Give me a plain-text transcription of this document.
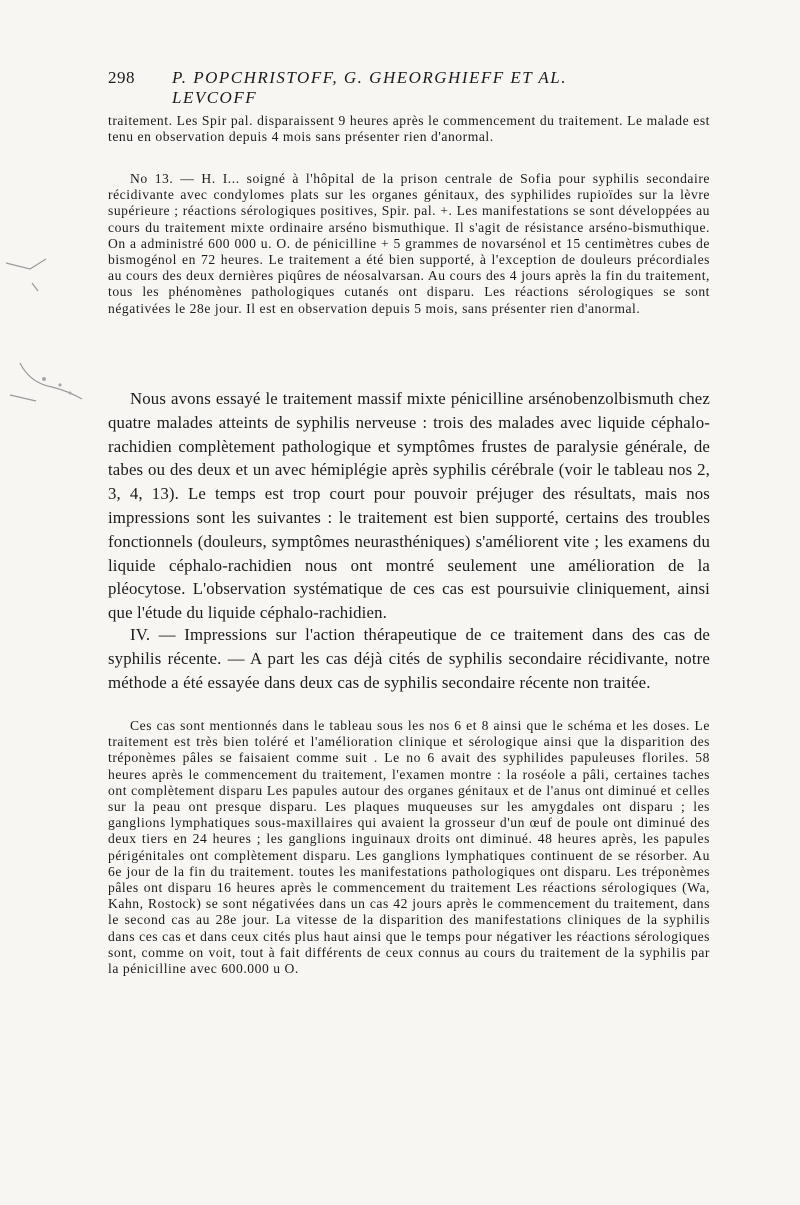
298 P. POPCHRISTOFF, G. GHEORGHIEFF ET AL. LEVCOFF

traitement. Les Spir pal. disparaissent 9 heures après le commencement du traitement. Le malade est tenu en observation depuis 4 mois sans présenter rien d'anormal.

No 13. — H. I... soigné à l'hôpital de la prison centrale de Sofia pour syphilis secondaire récidivante avec condylomes plats sur les organes génitaux, des syphilides rupioïdes sur la lèvre supérieure ; réactions sérologiques positives, Spir. pal. +. Les manifestations se sont développées au cours du traitement mixte ordinaire arséno bismuthique. Il s'agit de résistance arséno-bismuthique. On a administré 600 000 u. O. de pénicilline + 5 grammes de novarsénol et 15 centimètres cubes de bismogénol en 72 heures. Le traitement a été bien supporté, à l'exception de douleurs précordiales au cours des deux dernières piqûres de néosalvarsan. Au cours des 4 jours après la fin du traitement, tous les phénomènes pathologiques cutanés ont disparu. Les réactions sérologiques se sont négativées le 28e jour. Il est en observation depuis 5 mois, sans présenter rien d'anormal.

Nous avons essayé le traitement massif mixte pénicilline arsénobenzolbismuth chez quatre malades atteints de syphilis nerveuse : trois des malades avec liquide céphalo-rachidien complètement pathologique et symptômes frustes de paralysie générale, de tabes ou des deux et un avec hémiplégie après syphilis cérébrale (voir le tableau nos 2, 3, 4, 13). Le temps est trop court pour pouvoir préjuger des résultats, mais nos impressions sont les suivantes : le traitement est bien supporté, certains des troubles fonctionnels (douleurs, symptômes neurasthéniques) s'améliorent vite ; les examens du liquide céphalo-rachidien nous ont montré seulement une amélioration de la pléocytose. L'observation systématique de ces cas est poursuivie cliniquement, ainsi que l'étude du liquide céphalo-rachidien.

IV. — Impressions sur l'action thérapeutique de ce traitement dans des cas de syphilis récente. — A part les cas déjà cités de syphilis secondaire récidivante, notre méthode a été essayée dans deux cas de syphilis secondaire récente non traitée.

Ces cas sont mentionnés dans le tableau sous les nos 6 et 8 ainsi que le schéma et les doses. Le traitement est très bien toléré et l'amélioration clinique et sérologique ainsi que la disparition des tréponèmes pâles se faisaient comme suit . Le no 6 avait des syphilides papuleuses floriles. 58 heures après le commencement du traitement, l'examen montre : la roséole a pâli, certaines taches ont complètement disparu Les papules autour des organes génitaux et de l'anus ont diminué et celles sur la peau ont presque disparu. Les plaques muqueuses sur les amygdales ont disparu ; les ganglions lymphatiques sous-maxillaires qui avaient la grosseur d'un œuf de poule ont diminué des deux tiers en 24 heures ; les ganglions inguinaux droits ont diminué. 48 heures après, les papules périgénitales ont complètement disparu. Les ganglions lymphatiques continuent de se résorber. Au 6e jour de la fin du traitement. toutes les manifestations pathologiques ont disparu. Les tréponèmes pâles ont disparu 16 heures après le commencement du traitement Les réactions sérologiques (Wa, Kahn, Rostock) se sont négativées dans un cas 42 jours après le commencement du traitement, dans le second cas au 28e jour. La vitesse de la disparition des manifestations cliniques de la syphilis dans ces cas et dans ceux cités plus haut ainsi que le temps pour négativer les réactions sérologiques sont, comme on voit, tout à fait différents de ceux connus au cours du traitement de la syphilis par la pénicilline avec 600.000 u O.
